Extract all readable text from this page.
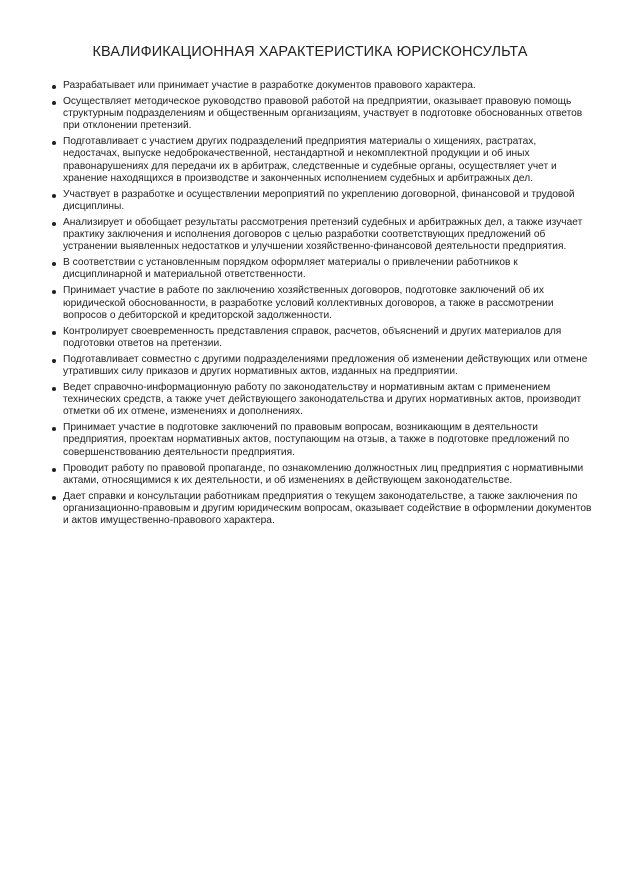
КВАЛИФИКАЦИОННАЯ ХАРАКТЕРИСТИКА ЮРИСКОНСУЛЬТА
Разрабатывает или принимает участие в разработке документов правового характера.
Осуществляет методическое руководство правовой работой на предприятии, оказывает правовую помощь структурным подразделениям и общественным организациям, участвует в подготовке обоснованных ответов при отклонении претензий.
Подготавливает с участием других подразделений предприятия материалы о хищениях, растратах, недостачах, выпуске недоброкачественной, нестандартной и некомплектной продукции и об иных правонарушениях для передачи их в арбитраж, следственные и судебные органы, осуществляет учет и хранение находящихся в производстве и законченных исполнением судебных и арбитражных дел.
Участвует в разработке и осуществлении мероприятий по укреплению договорной, финансовой и трудовой дисциплины.
Анализирует и обобщает результаты рассмотрения претензий судебных и арбитражных дел, а также изучает практику заключения и исполнения договоров с целью разработки соответствующих предложений об устранении выявленных недостатков и улучшении хозяйственно-финансовой деятельности предприятия.
В соответствии с установленным порядком оформляет материалы о привлечении работников к дисциплинарной и материальной ответственности.
Принимает участие в работе по заключению хозяйственных договоров, подготовке заключений об их юридической обоснованности, в разработке условий коллективных договоров, а также в рассмотрении вопросов о дебиторской и кредиторской задолженности.
Контролирует своевременность представления справок, расчетов, объяснений и других материалов для подготовки ответов на претензии.
Подготавливает совместно с другими подразделениями предложения об изменении действующих или отмене утративших силу приказов и других нормативных актов, изданных на предприятии.
Ведет справочно-информационную работу по законодательству и нормативным актам с применением технических средств, а также учет действующего законодательства и других нормативных актов, производит отметки об их отмене, изменениях и дополнениях.
Принимает участие в подготовке заключений по правовым вопросам, возникающим в деятельности предприятия, проектам нормативных актов, поступающим на отзыв, а также в подготовке предложений по совершенствованию деятельности предприятия.
Проводит работу по правовой пропаганде, по ознакомлению должностных лиц предприятия с нормативными актами, относящимися к их деятельности, и об изменениях в действующем законодательстве.
Дает справки и консультации работникам предприятия о текущем законодательстве, а также заключения по организационно-правовым и другим юридическим вопросам, оказывает содействие в оформлении документов и актов имущественно-правового характера.
